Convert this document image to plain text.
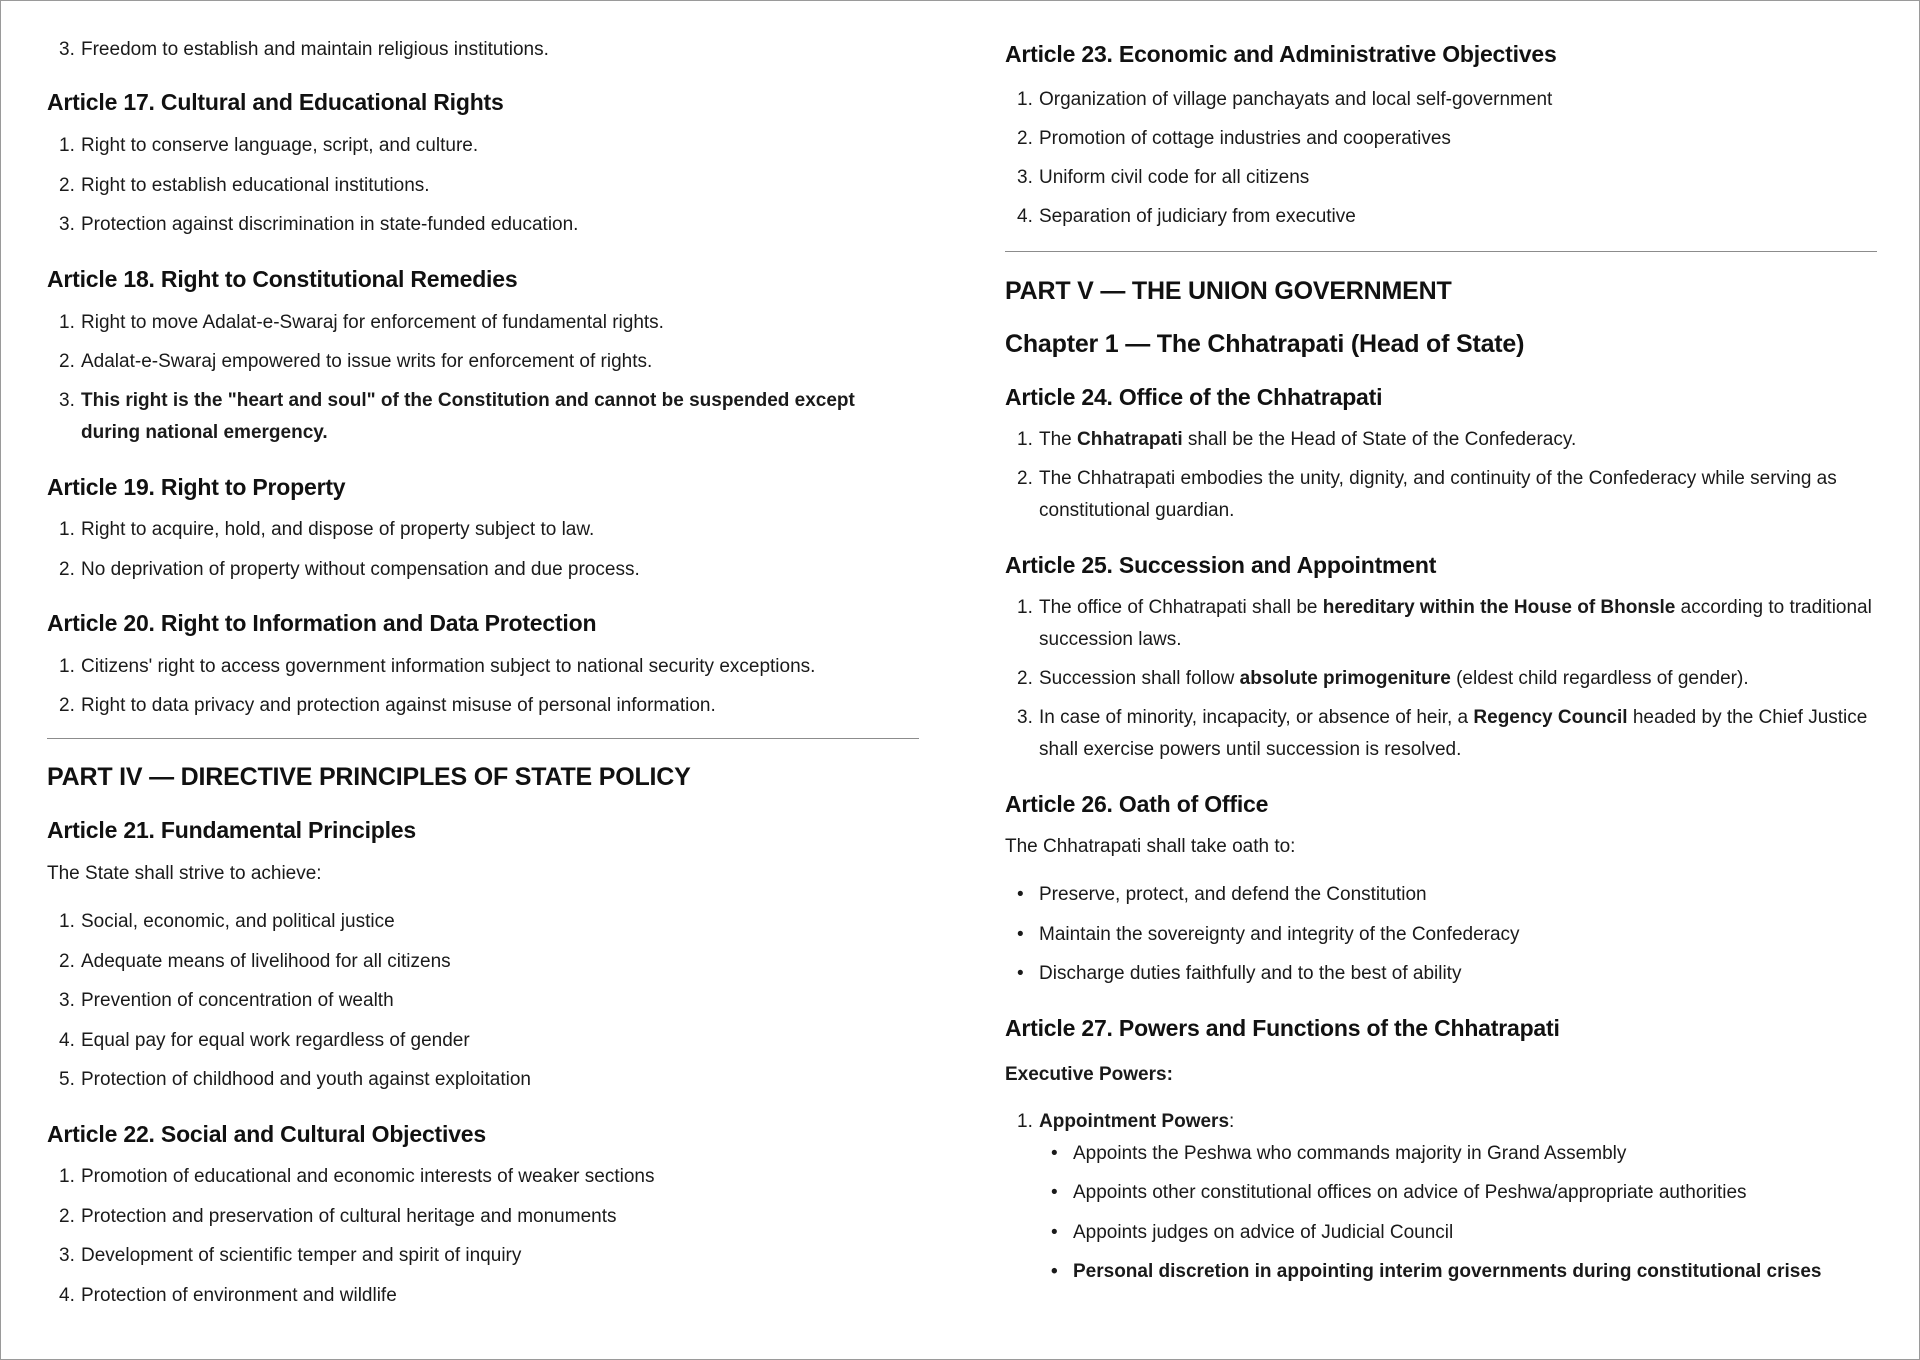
3. Freedom to establish and maintain religious institutions.
Article 17. Cultural and Educational Rights
1. Right to conserve language, script, and culture.
2. Right to establish educational institutions.
3. Protection against discrimination in state-funded education.
Article 18. Right to Constitutional Remedies
1. Right to move Adalat-e-Swaraj for enforcement of fundamental rights.
2. Adalat-e-Swaraj empowered to issue writs for enforcement of rights.
3. This right is the "heart and soul" of the Constitution and cannot be suspended except during national emergency.
Article 19. Right to Property
1. Right to acquire, hold, and dispose of property subject to law.
2. No deprivation of property without compensation and due process.
Article 20. Right to Information and Data Protection
1. Citizens' right to access government information subject to national security exceptions.
2. Right to data privacy and protection against misuse of personal information.
PART IV — DIRECTIVE PRINCIPLES OF STATE POLICY
Article 21. Fundamental Principles

The State shall strive to achieve:

1. Social, economic, and political justice
2. Adequate means of livelihood for all citizens
3. Prevention of concentration of wealth
4. Equal pay for equal work regardless of gender
5. Protection of childhood and youth against exploitation
Article 22. Social and Cultural Objectives
1. Promotion of educational and economic interests of weaker sections
2. Protection and preservation of cultural heritage and monuments
3. Development of scientific temper and spirit of inquiry
4. Protection of environment and wildlife
Article 23. Economic and Administrative Objectives
1. Organization of village panchayats and local self-government
2. Promotion of cottage industries and cooperatives
3. Uniform civil code for all citizens
4. Separation of judiciary from executive
PART V — THE UNION GOVERNMENT
Chapter 1 — The Chhatrapati (Head of State)
Article 24. Office of the Chhatrapati
1. The Chhatrapati shall be the Head of State of the Confederacy.
2. The Chhatrapati embodies the unity, dignity, and continuity of the Confederacy while serving as constitutional guardian.
Article 25. Succession and Appointment
1. The office of Chhatrapati shall be hereditary within the House of Bhonsle according to traditional succession laws.
2. Succession shall follow absolute primogeniture (eldest child regardless of gender).
3. In case of minority, incapacity, or absence of heir, a Regency Council headed by the Chief Justice shall exercise powers until succession is resolved.
Article 26. Oath of Office

The Chhatrapati shall take oath to:

• Preserve, protect, and defend the Constitution
• Maintain the sovereignty and integrity of the Confederacy
• Discharge duties faithfully and to the best of ability
Article 27. Powers and Functions of the Chhatrapati

Executive Powers:

1. Appointment Powers:
• Appoints the Peshwa who commands majority in Grand Assembly
• Appoints other constitutional offices on advice of Peshwa/appropriate authorities
• Appoints judges on advice of Judicial Council
• Personal discretion in appointing interim governments during constitutional crises
